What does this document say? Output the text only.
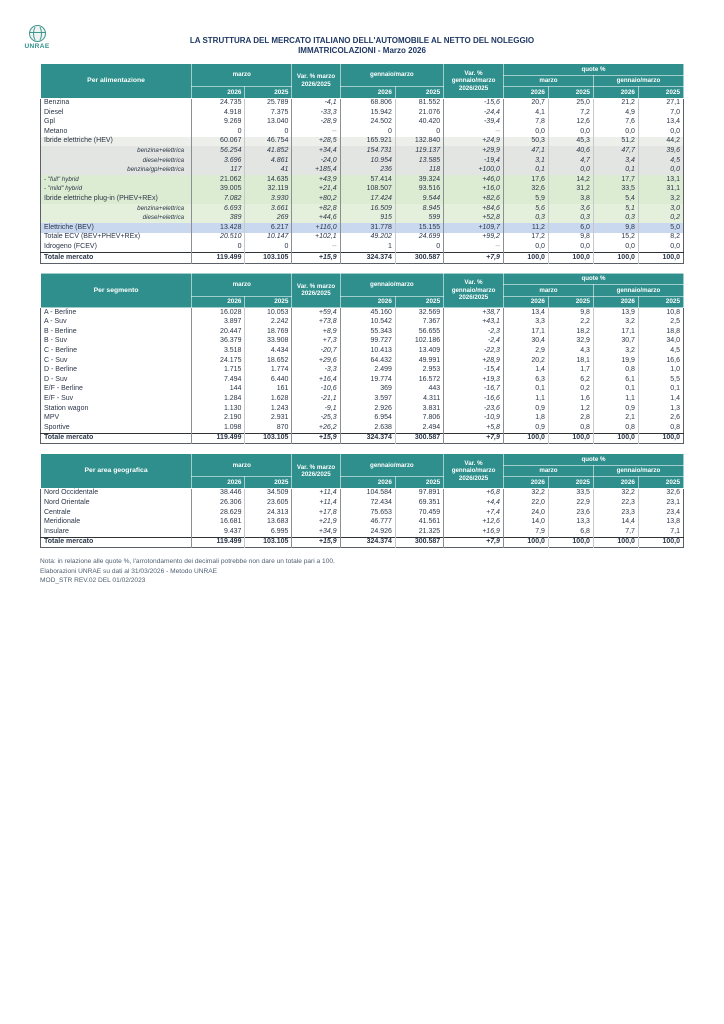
UNRAE
LA STRUTTURA DEL MERCATO ITALIANO DELL'AUTOMOBILE AL NETTO DEL NOLEGGIO
IMMATRICOLAZIONI - Marzo 2026
Per alimentazione	marzo		Var. % marzo 2026/2025	gennaio/marzo		Var. % gennaio/marzo 2026/2025	quote %			
							marzo		gennaio/marzo	
	2026	2025		2026	2025		2026	2025	2026	2025
Benzina	24.735	25.789	-4,1	68.806	81.552	-15,6	20,7	25,0	21,2	27,1
Diesel	4.918	7.375	-33,3	15.942	21.076	-24,4	4,1	7,2	4,9	7,0
Gpl	9.269	13.040	-28,9	24.502	40.420	-39,4	7,8	12,6	7,6	13,4
Metano	0	0	--	0	0	--	0,0	0,0	0,0	0,0
Ibride elettriche (HEV)	60.067	46.754	+28,5	165.921	132.840	+24,9	50,3	45,3	51,2	44,2
benzina+elettrica	56.254	41.852	+34,4	154.731	119.137	+29,9	47,1	40,6	47,7	39,6
diesel+elettrica	3.696	4.861	-24,0	10.954	13.585	-19,4	3,1	4,7	3,4	4,5
benzina/gpl+elettrica	117	41	+185,4	236	118	+100,0	0,1	0,0	0,1	0,0
- "full" hybrid	21.062	14.635	+43,9	57.414	39.324	+46,0	17,6	14,2	17,7	13,1
- "mild" hybrid	39.005	32.119	+21,4	108.507	93.516	+16,0	32,6	31,2	33,5	31,1
Ibride elettriche plug-in (PHEV+REx)	7.082	3.930	+80,2	17.424	9.544	+82,6	5,9	3,8	5,4	3,2
benzina+elettrica	6.693	3.661	+82,8	16.509	8.945	+84,6	5,6	3,6	5,1	3,0
diesel+elettrica	389	269	+44,6	915	599	+52,8	0,3	0,3	0,3	0,2
Elettriche (BEV)	13.428	6.217	+116,0	31.778	15.155	+109,7	11,2	6,0	9,8	5,0
Totale ECV (BEV+PHEV+REx)	20.510	10.147	+102,1	49.202	24.699	+99,2	17,2	9,8	15,2	8,2
Idrogeno (FCEV)	0	0	--	1	0	--	0,0	0,0	0,0	0,0
Totale mercato	119.499	103.105	+15,9	324.374	300.587	+7,9	100,0	100,0	100,0	100,0
Per segmento	marzo		Var. % marzo 2026/2025	gennaio/marzo		Var. % gennaio/marzo 2026/2025	quote %			
							marzo		gennaio/marzo	
	2026	2025		2026	2025		2026	2025	2026	2025
A - Berline	16.028	10.053	+59,4	45.160	32.569	+38,7	13,4	9,8	13,9	10,8
A - Suv	3.897	2.242	+73,8	10.542	7.367	+43,1	3,3	2,2	3,2	2,5
B - Berline	20.447	18.769	+8,9	55.343	56.655	-2,3	17,1	18,2	17,1	18,8
B - Suv	36.379	33.908	+7,3	99.727	102.186	-2,4	30,4	32,9	30,7	34,0
C - Berline	3.518	4.434	-20,7	10.413	13.409	-22,3	2,9	4,3	3,2	4,5
C - Suv	24.175	18.652	+29,6	64.432	49.991	+28,9	20,2	18,1	19,9	16,6
D - Berline	1.715	1.774	-3,3	2.499	2.953	-15,4	1,4	1,7	0,8	1,0
D - Suv	7.494	6.440	+16,4	19.774	16.572	+19,3	6,3	6,2	6,1	5,5
E/F - Berline	144	161	-10,6	369	443	-16,7	0,1	0,2	0,1	0,1
E/F - Suv	1.284	1.628	-21,1	3.597	4.311	-16,6	1,1	1,6	1,1	1,4
Station wagon	1.130	1.243	-9,1	2.926	3.831	-23,6	0,9	1,2	0,9	1,3
MPV	2.190	2.931	-25,3	6.954	7.806	-10,9	1,8	2,8	2,1	2,6
Sportive	1.098	870	+26,2	2.638	2.494	+5,8	0,9	0,8	0,8	0,8
Totale mercato	119.499	103.105	+15,9	324.374	300.587	+7,9	100,0	100,0	100,0	100,0
Per area geografica	marzo		Var. % marzo 2026/2025	gennaio/marzo		Var. % gennaio/marzo 2026/2025	quote %			
							marzo		gennaio/marzo	
	2026	2025		2026	2025		2026	2025	2026	2025
Nord Occidentale	38.446	34.509	+11,4	104.584	97.891	+6,8	32,2	33,5	32,2	32,6
Nord Orientale	26.306	23.605	+11,4	72.434	69.351	+4,4	22,0	22,9	22,3	23,1
Centrale	28.629	24.313	+17,8	75.653	70.459	+7,4	24,0	23,6	23,3	23,4
Meridionale	16.681	13.683	+21,9	46.777	41.561	+12,6	14,0	13,3	14,4	13,8
Insulare	9.437	6.995	+34,9	24.926	21.325	+16,9	7,9	6,8	7,7	7,1
Totale mercato	119.499	103.105	+15,9	324.374	300.587	+7,9	100,0	100,0	100,0	100,0
Nota: in relazione alle quote %, l'arrotondamento dei decimali potrebbe non dare un totale pari a 100.
Elaborazioni UNRAE su dati al 31/03/2026 - Metodo UNRAE
MOD_STR REV.02 DEL 01/02/2023
